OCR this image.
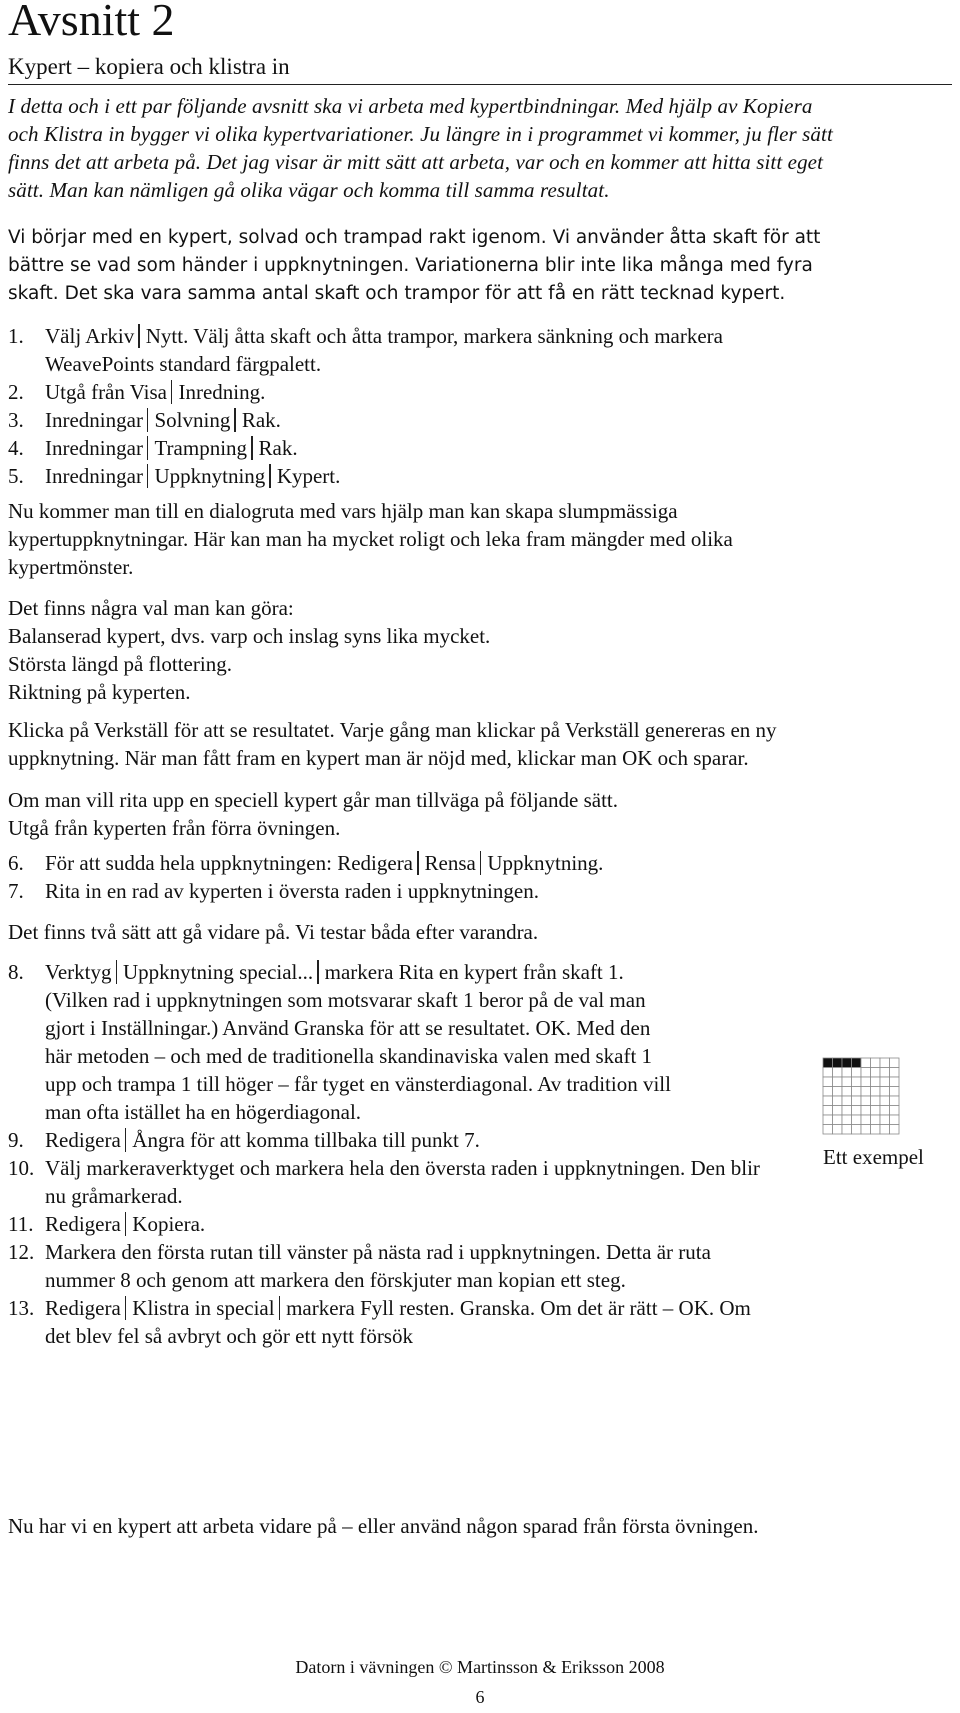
Avsnitt 2
Kypert – kopiera och klistra in
I detta och i ett par följande avsnitt ska vi arbeta med kypertbindningar. Med hjälp av Kopiera
och Klistra in bygger vi olika kypertvariationer. Ju längre in i programmet vi kommer, ju fler sätt
finns det att arbeta på. Det jag visar är mitt sätt att arbeta, var och en kommer att hitta sitt eget
sätt. Man kan nämligen gå olika vägar och komma till samma resultat.
Vi börjar med en kypert, solvad och trampad rakt igenom. Vi använder åtta skaft för att
bättre se vad som händer i uppknytningen. Variationerna blir inte lika många med fyra
skaft. Det ska vara samma antal skaft och trampor för att få en rätt tecknad kypert.
1. Välj Arkiv Nytt. Välj åtta skaft och åtta trampor, markera sänkning och markera
WeavePoints standard färgpalett.
2. Utgå från Visa Inredning.
3. Inredningar Solvning Rak.
4. Inredningar Trampning Rak.
5. Inredningar Uppknytning Kypert.
Nu kommer man till en dialogruta med vars hjälp man kan skapa slumpmässiga
kypertuppknytningar. Här kan man ha mycket roligt och leka fram mängder med olika
kypertmönster.
Det finns några val man kan göra:
Balanserad kypert, dvs. varp och inslag syns lika mycket.
Största längd på flottering.
Riktning på kyperten.
Klicka på Verkställ för att se resultatet. Varje gång man klickar på Verkställ genereras en ny
uppknytning. När man fått fram en kypert man är nöjd med, klickar man OK och sparar.
Om man vill rita upp en speciell kypert går man tillväga på följande sätt.
Utgå från kyperten från förra övningen.
6. För att sudda hela uppknytningen: Redigera Rensa Uppknytning.
7. Rita in en rad av kyperten i översta raden i uppknytningen.
Det finns två sätt att gå vidare på. Vi testar båda efter varandra.
8. Verktyg Uppknytning special... markera Rita en kypert från skaft 1.
(Vilken rad i uppknytningen som motsvarar skaft 1 beror på de val man
gjort i Inställningar.) Använd Granska för att se resultatet. OK. Med den
här metoden – och med de traditionella skandinaviska valen med skaft 1
upp och trampa 1 till höger – får tyget en vänsterdiagonal. Av tradition vill
man ofta istället ha en högerdiagonal.
9. Redigera Ångra för att komma tillbaka till punkt 7.
10. Välj markeraverktyget och markera hela den översta raden i uppknytningen. Den blir
nu gråmarkerad.
11. Redigera Kopiera.
12. Markera den första rutan till vänster på nästa rad i uppknytningen. Detta är ruta
nummer 8 och genom att markera den förskjuter man kopian ett steg.
13. Redigera Klistra in special markera Fyll resten. Granska. Om det är rätt – OK. Om
det blev fel så avbryt och gör ett nytt försök
Ett exempel
Nu har vi en kypert att arbeta vidare på – eller använd någon sparad från första övningen.
Datorn i vävningen © Martinsson & Eriksson 2008
6
